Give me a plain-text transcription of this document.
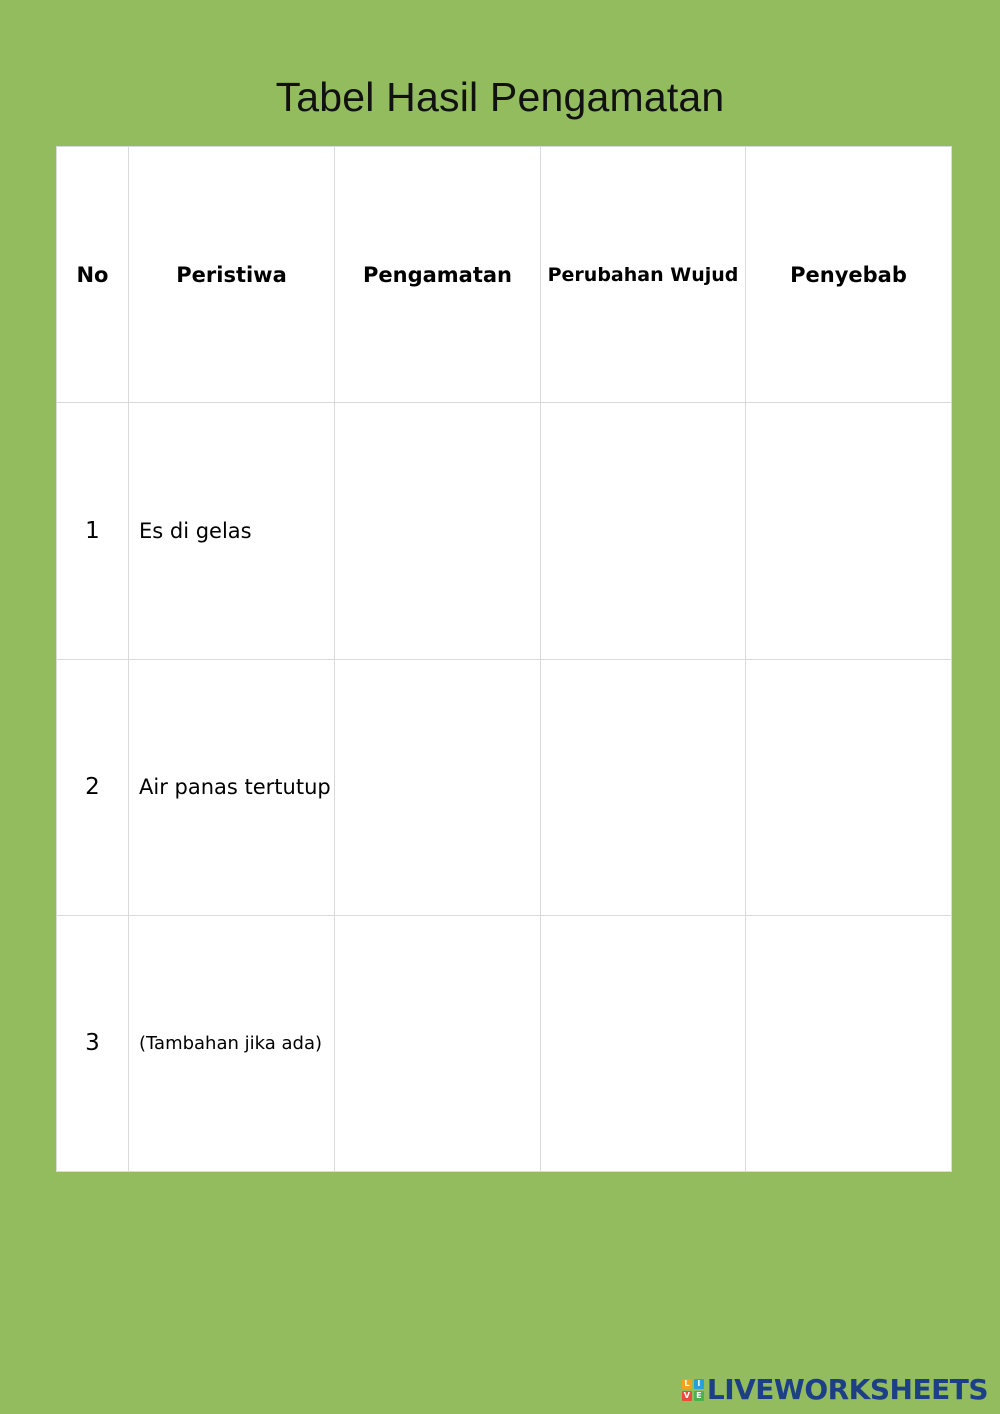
Tabel Hasil Pengamatan
No	Peristiwa	Pengamatan	Perubahan Wujud	Penyebab
1	Es di gelas			
2	Air panas tertutup			
3	(Tambahan jika ada)			
L I
V E LIVEWORKSHEETS
